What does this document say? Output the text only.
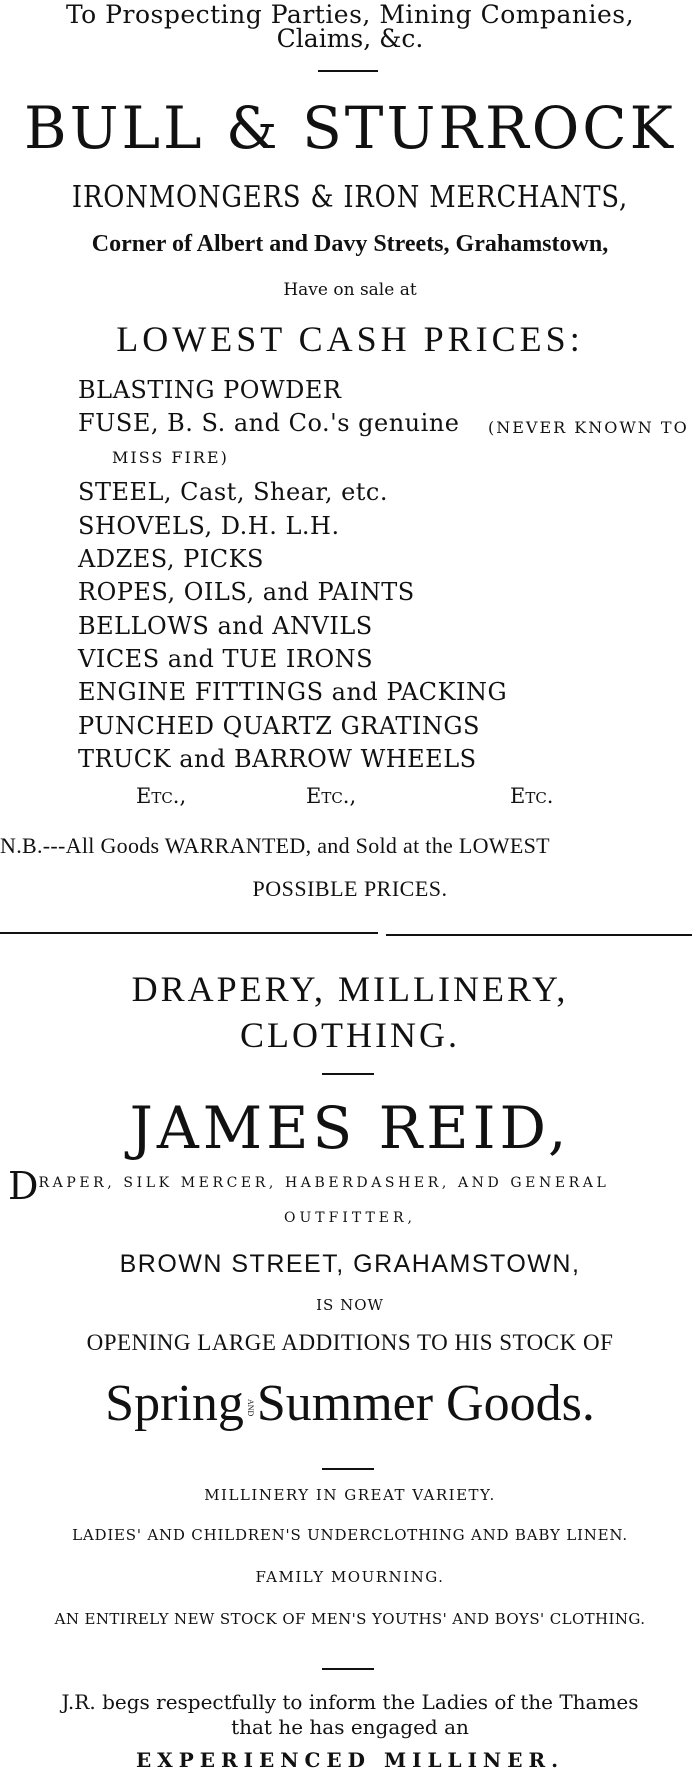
To Prospecting Parties, Mining Companies,
Claims, &c.
BULL & STURROCK
IRONMONGERS & IRON MERCHANTS,
Corner of Albert and Davy Streets, Grahamstown,
Have on sale at
LOWEST CASH PRICES:
BLASTING POWDER
FUSE, B. S. and Co.'s genuine (NEVER KNOWN TO
MISS FIRE)
STEEL, Cast, Shear, etc.
SHOVELS, D.H. L.H.
ADZES, PICKS
ROPES, OILS, and PAINTS
BELLOWS and ANVILS
VICES and TUE IRONS
ENGINE FITTINGS and PACKING
PUNCHED QUARTZ GRATINGS
TRUCK and BARROW WHEELS
Etc.,	Etc.,	Etc.
N.B.---All Goods WARRANTED, and Sold at the LOWEST
POSSIBLE PRICES.
DRAPERY, MILLINERY,
CLOTHING.
JAMES REID,
DRAPER, SILK MERCER, HABERDASHER, AND GENERAL
OUTFITTER,
BROWN STREET, GRAHAMSTOWN,
IS NOW
OPENING LARGE ADDITIONS TO HIS STOCK OF
Spring ANDSummer Goods.
MILLINERY IN GREAT VARIETY.
LADIES' AND CHILDREN'S UNDERCLOTHING AND BABY LINEN.
FAMILY MOURNING.
AN ENTIRELY NEW STOCK OF MEN'S YOUTHS' AND BOYS' CLOTHING.
J.R. begs respectfully to inform the Ladies of the Thames
that he has engaged an
EXPERIENCED MILLINER.
